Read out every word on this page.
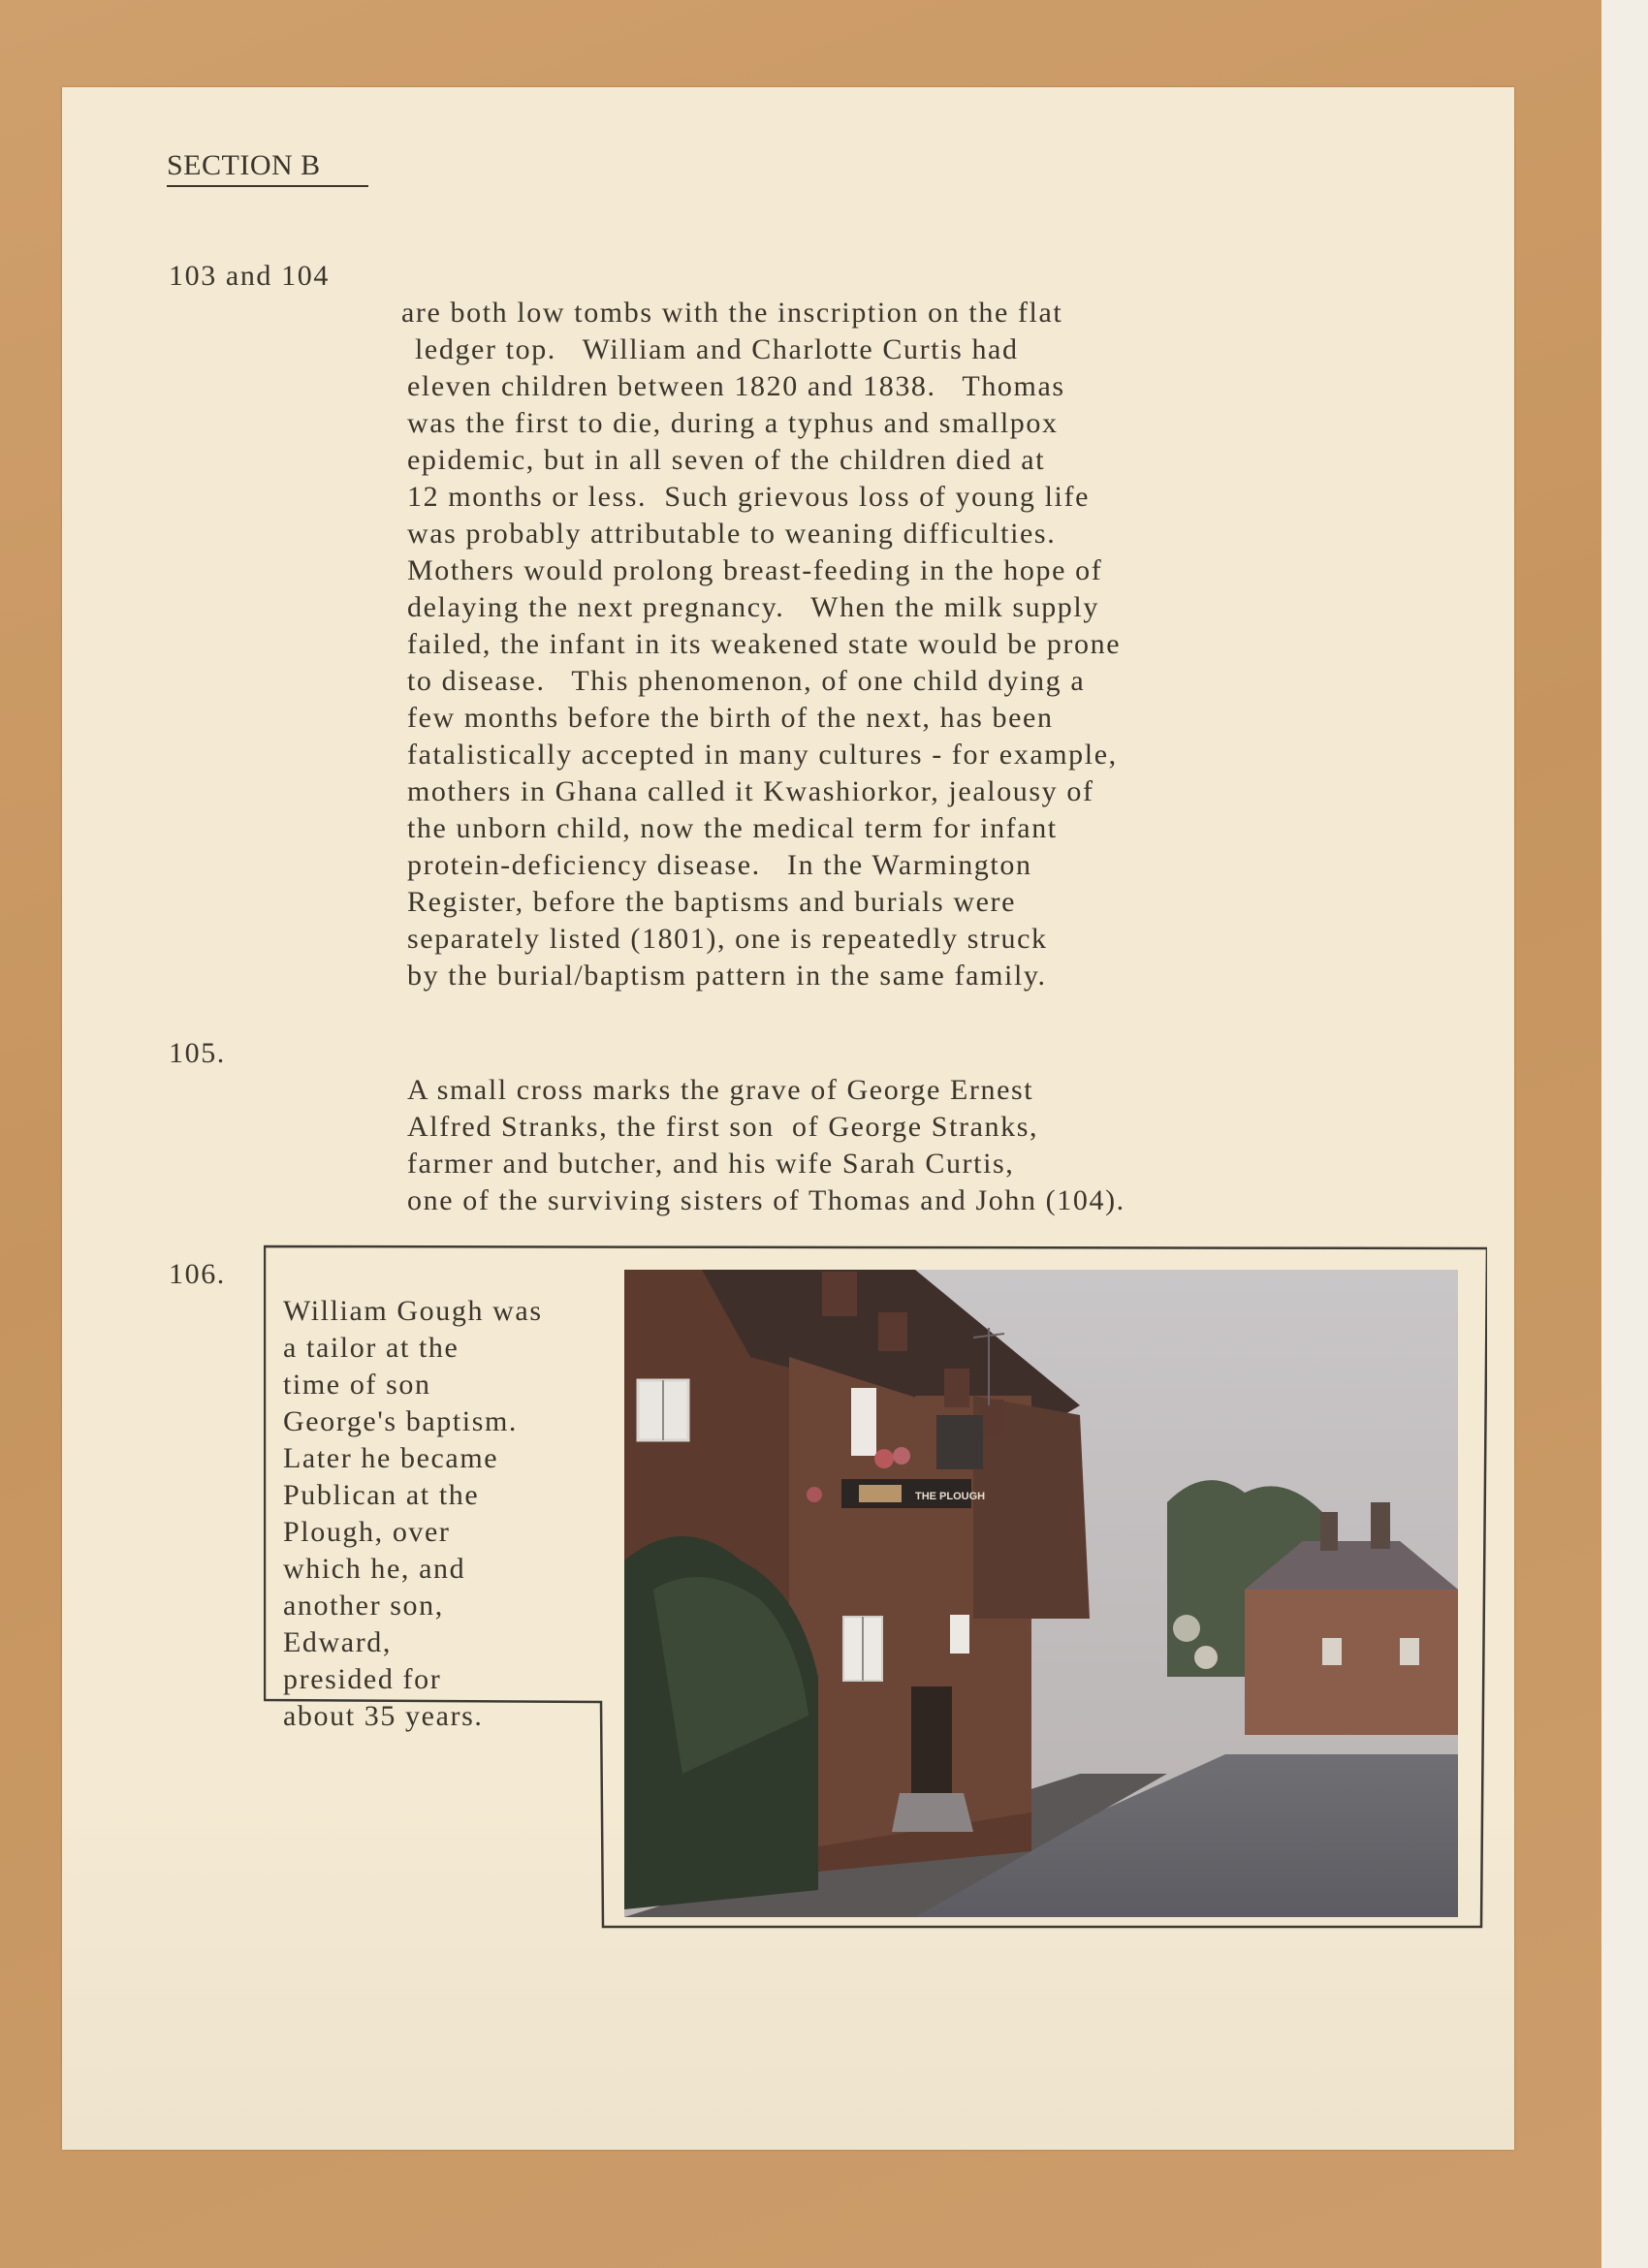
SECTION B
103 and 104

are both low tombs with the inscription on the flat
ledger top.   William and Charlotte Curtis had
eleven children between 1820 and 1838.   Thomas
was the first to die, during a typhus and smallpox
epidemic, but in all seven of the children died at
12 months or less.  Such grievous loss of young life
was probably attributable to weaning difficulties.
Mothers would prolong breast-feeding in the hope of
delaying the next pregnancy.   When the milk supply
failed, the infant in its weakened state would be prone
to disease.   This phenomenon, of one child dying a
few months before the birth of the next, has been
fatalistically accepted in many cultures - for example,
mothers in Ghana called it Kwashiorkor, jealousy of
the unborn child, now the medical term for infant
protein-deficiency disease.   In the Warmington
Register, before the baptisms and burials were
separately listed (1801), one is repeatedly struck
by the burial/baptism pattern in the same family.

105.

A small cross marks the grave of George Ernest
Alfred Stranks, the first son  of George Stranks,
farmer and butcher, and his wife Sarah Curtis,
one of the surviving sisters of Thomas and John (104).

106.

William Gough was
a tailor at the
time of son
George's baptism.
Later he became
Publican at the
Plough, over
which he, and
another son,
Edward,
presided for
about 35 years.

THE PLOUGH
